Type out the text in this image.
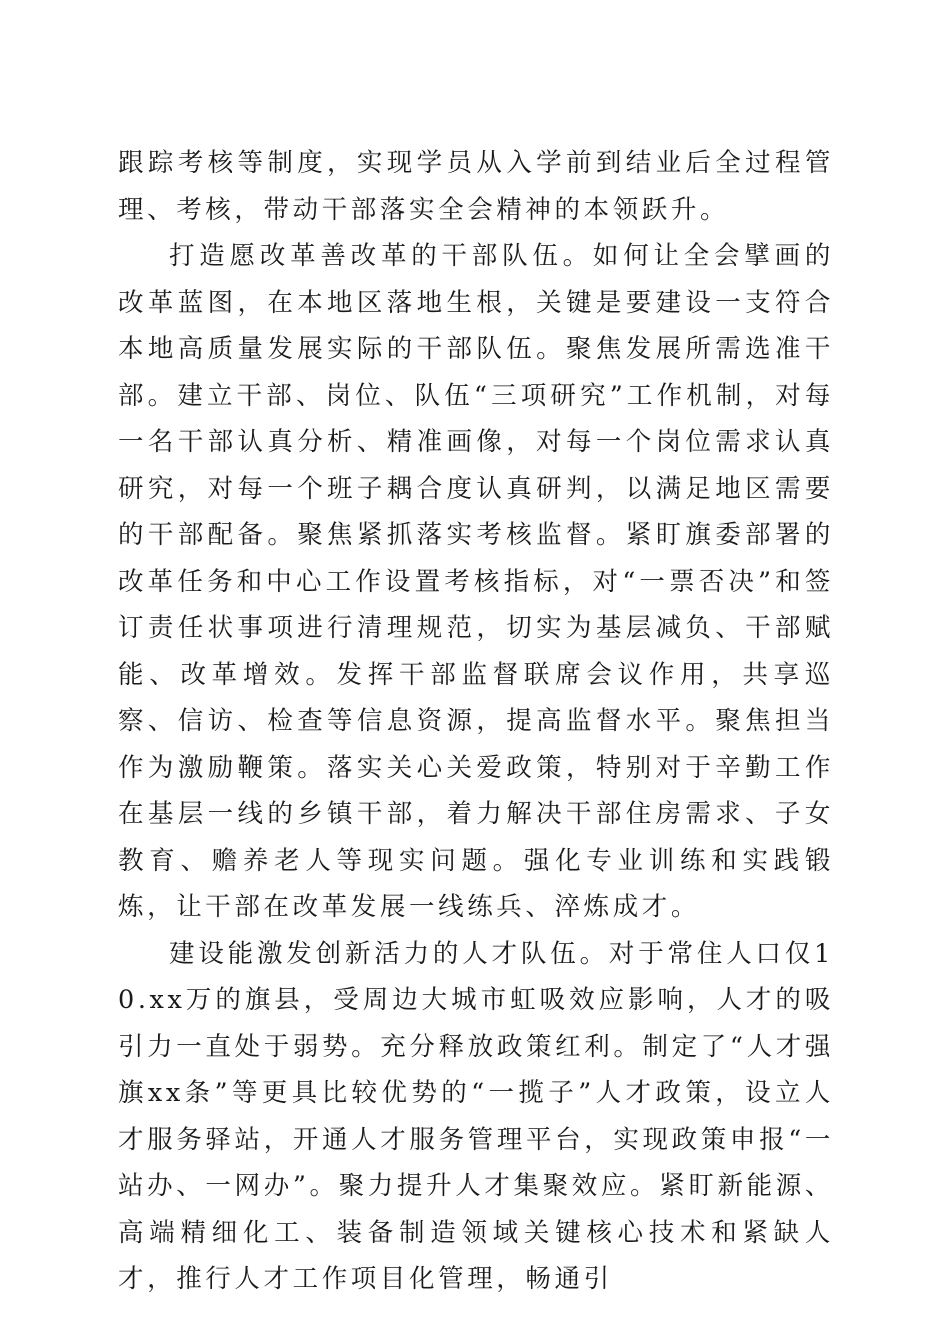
跟踪考核等制度，实现学员从入学前到结业后全过程管理、考核，带动干部落实全会精神的本领跃升。

打造愿改革善改革的干部队伍。如何让全会擘画的改革蓝图，在本地区落地生根，关键是要建设一支符合本地高质量发展实际的干部队伍。聚焦发展所需选准干部。建立干部、岗位、队伍“三项研究”工作机制，对每一名干部认真分析、精准画像，对每一个岗位需求认真研究，对每一个班子耦合度认真研判，以满足地区需要的干部配备。聚焦紧抓落实考核监督。紧盯旗委部署的改革任务和中心工作设置考核指标，对“一票否决”和签订责任状事项进行清理规范，切实为基层减负、干部赋能、改革增效。发挥干部监督联席会议作用，共享巡察、信访、检查等信息资源，提高监督水平。聚焦担当作为激励鞭策。落实关心关爱政策，特别对于辛勤工作在基层一线的乡镇干部，着力解决干部住房需求、子女教育、赡养老人等现实问题。强化专业训练和实践锻炼，让干部在改革发展一线练兵、淬炼成才。

建设能激发创新活力的人才队伍。对于常住人口仅10.xx万的旗县，受周边大城市虹吸效应影响，人才的吸引力一直处于弱势。充分释放政策红利。制定了“人才强旗xx条”等更具比较优势的“一揽子”人才政策，设立人才服务驿站，开通人才服务管理平台，实现政策申报“一站办、一网办”。聚力提升人才集聚效应。紧盯新能源、高端精细化工、装备制造领域关键核心技术和紧缺人才，推行人才工作项目化管理，畅通引
